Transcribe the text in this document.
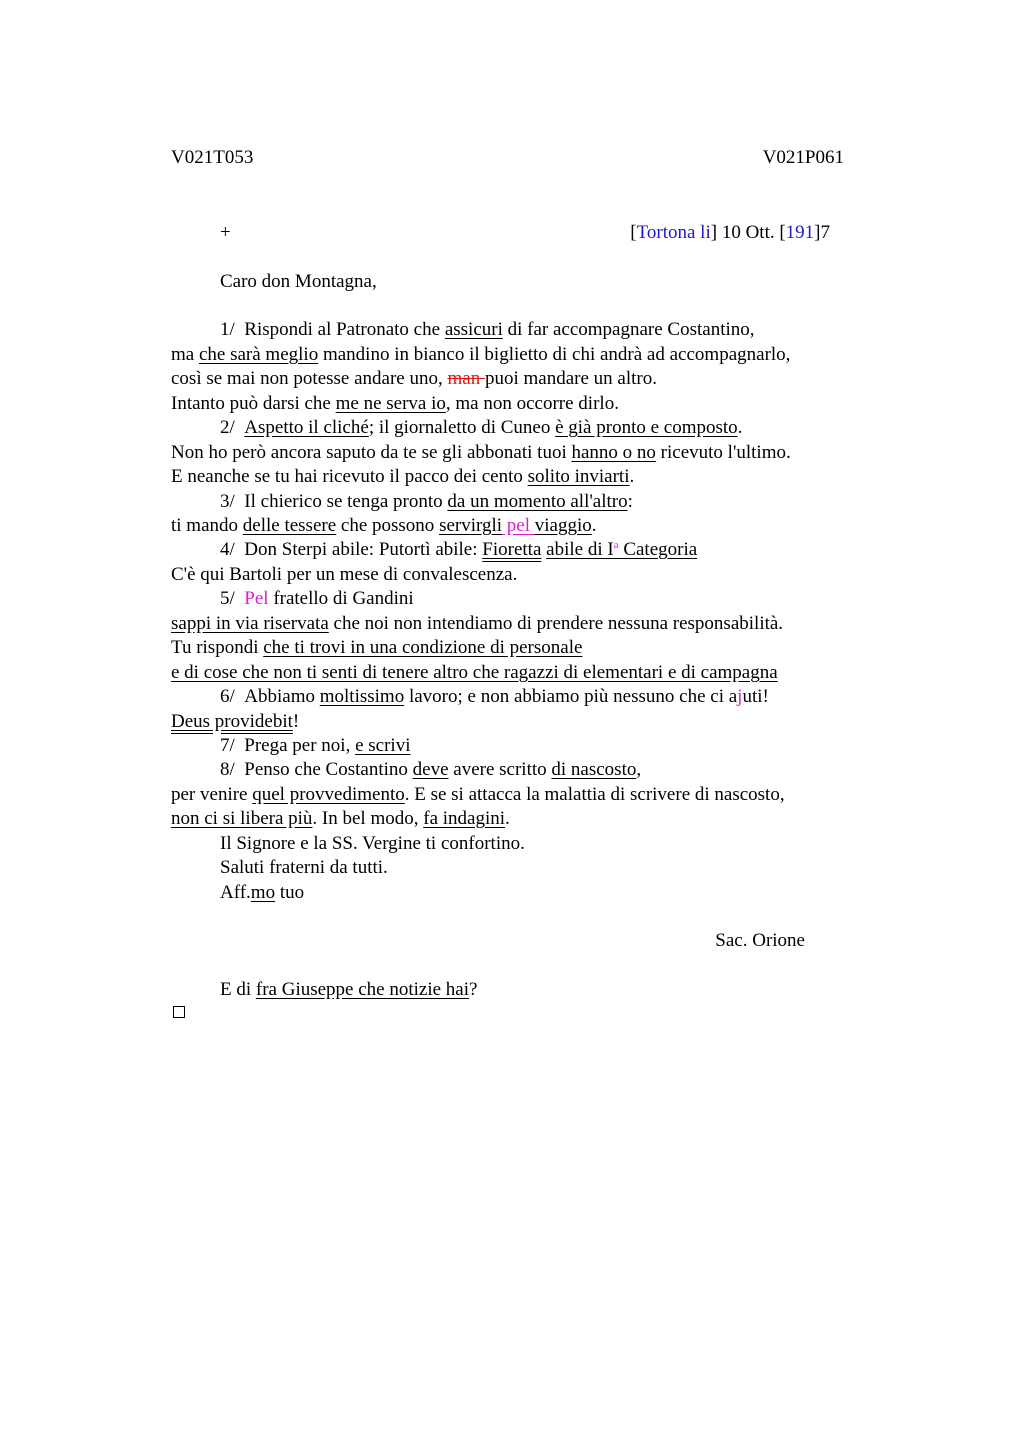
V021T053	V021P061
+	[Tortona li] 10 Ott. [191]7
Caro don Montagna,
1/ Rispondi al Patronato che assicuri di far accompagnare Costantino,
ma che sarà meglio mandino in bianco il biglietto di chi andrà ad accompagnarlo,
così se mai non potesse andare uno, man puoi mandare un altro.
Intanto può darsi che me ne serva io, ma non occorre dirlo.
2/ Aspetto il cliché; il giornaletto di Cuneo è già pronto e composto.
Non ho però ancora saputo da te se gli abbonati tuoi hanno o no ricevuto l'ultimo.
E neanche se tu hai ricevuto il pacco dei cento solito inviarti.
3/ Il chierico se tenga pronto da un momento all'altro:
ti mando delle tessere che possono servirgli pel viaggio.
4/ Don Sterpi abile: Putortì abile: Fioretta abile di $I^a$ Categoria
C'è qui Bartoli per un mese di convalescenza.
5/ Pel fratello di Gandini
sappi in via riservata che noi non intendiamo di prendere nessuna responsabilità.
Tu rispondi che ti trovi in una condizione di personale
e di cose che non ti senti di tenere altro che ragazzi di elementari e di campagna
6/ Abbiamo moltissimo lavoro; e non abbiamo più nessuno che ci ajuti!
Deus providebit!
7/ Prega per noi, e scrivi
8/ Penso che Costantino deve avere scritto di nascosto,
per venire quel provvedimento. E se si attacca la malattia di scrivere di nascosto,
non ci si libera più. In bel modo, fa indagini.
Il Signore e la SS. Vergine ti confortino.
Saluti fraterni da tutti.
Aff.mo tuo
Sac. Orione
E di fra Giuseppe che notizie hai?
